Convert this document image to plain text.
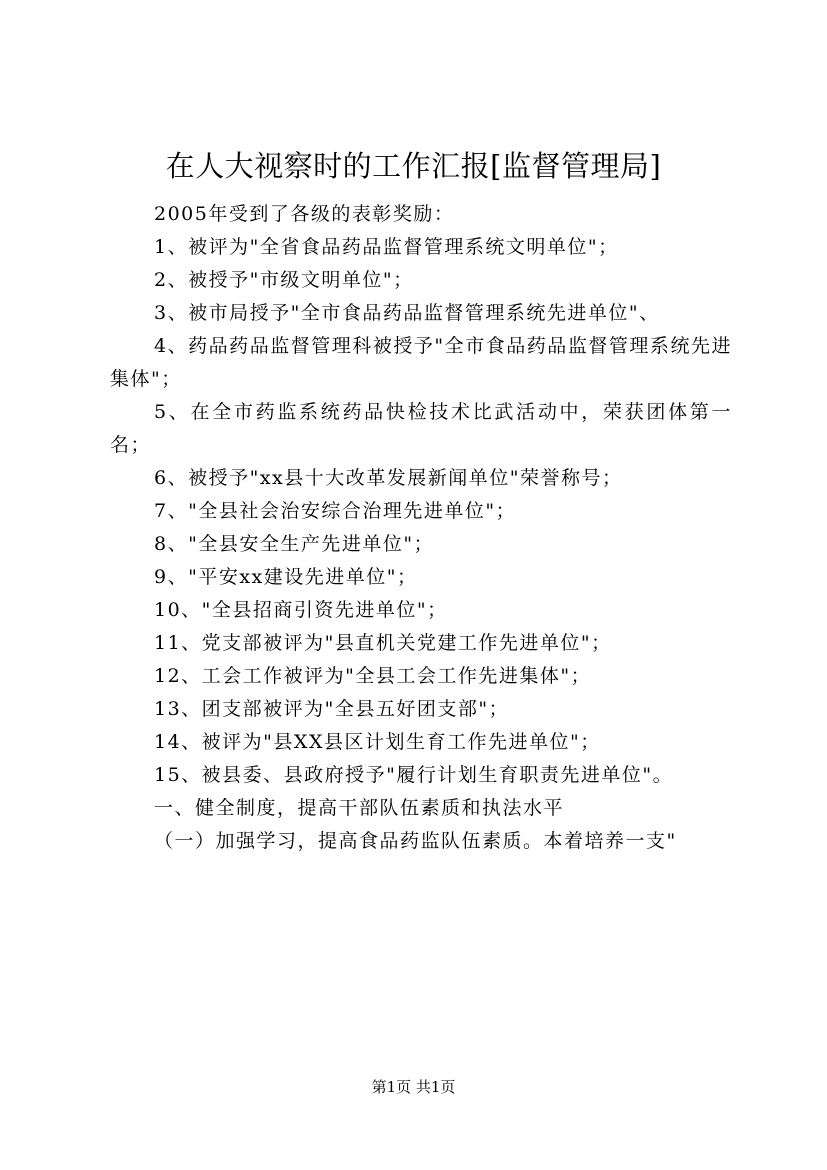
在人大视察时的工作汇报[监督管理局]

2005年受到了各级的表彰奖励：

1、被评为"全省食品药品监督管理系统文明单位"；

2、被授予"市级文明单位"；

3、被市局授予"全市食品药品监督管理系统先进单位"、

4、药品药品监督管理科被授予"全市食品药品监督管理系统先进集体"；

5、在全市药监系统药品快检技术比武活动中，荣获团体第一名；

6、被授予"xx县十大改革发展新闻单位"荣誉称号；

7、"全县社会治安综合治理先进单位"；

8、"全县安全生产先进单位"；

9、"平安xx建设先进单位"；

10、"全县招商引资先进单位"；

11、党支部被评为"县直机关党建工作先进单位"；

12、工会工作被评为"全县工会工作先进集体"；

13、团支部被评为"全县五好团支部"；

14、被评为"县XX县区计划生育工作先进单位"；

15、被县委、县政府授予"履行计划生育职责先进单位"。

一、健全制度，提高干部队伍素质和执法水平

（一）加强学习，提高食品药监队伍素质。本着培养一支"

第1页 共1页
